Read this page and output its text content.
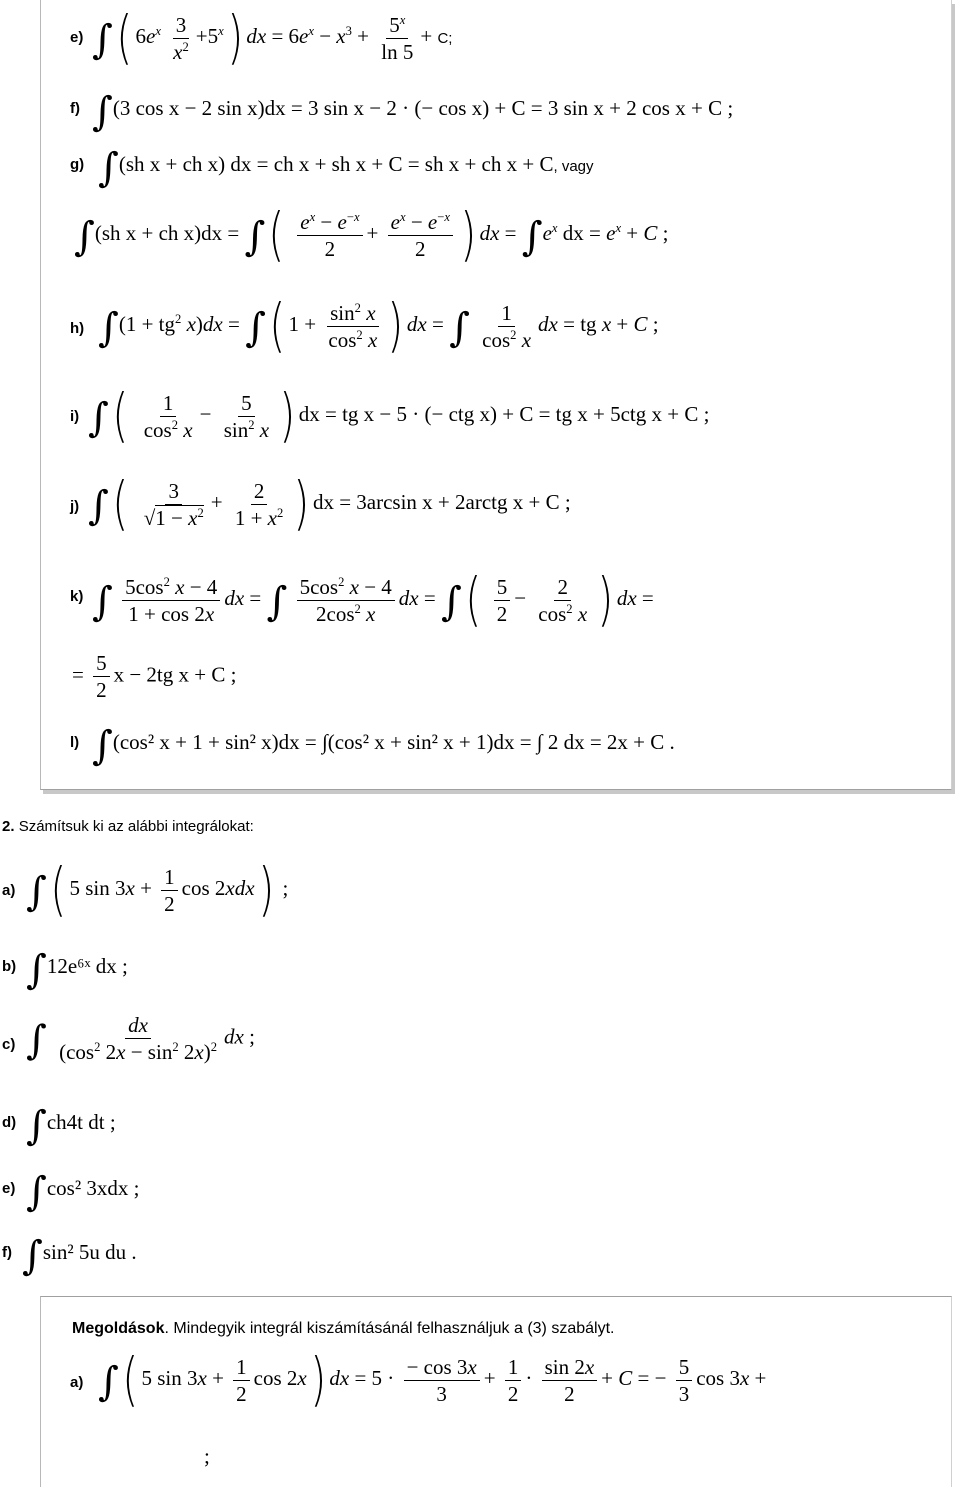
e) ∫( $6e^x \frac{3}{x^2} +5^x$) dx = $6e^x - x^3 + \frac{5^x}{\ln 5} + C$;
f) ∫(3 cos x − 2 sin x)dx = 3 sin x − 2 · (− cos x) + C = 3 sin x + 2 cos x + C ;
g) ∫(sh x + ch x) dx = ch x + sh x + C = sh x + ch x + C, vagy
∫(sh x + ch x)dx = ∫( $\frac{e^x - e^{-x}}{2} + \frac{e^x - e^{-x}}{2}$ ) dx = $\int e^x$ dx = $e^x + C$ ;
h) $\int(1 + tg^2$ x)dx = ∫( $1 + \frac{\sin^2 x}{\cos^2 x}$ ) dx = ∫ $\frac{1}{\cos^2 x}$ dx = tg x + C ;
i) ∫( $\frac{1}{\cos^2 x} - \frac{5}{\sin^2 x}$ ) dx = tg x − 5 · (− ctg x) + C = tg x + 5ctg x + C ;
j) ∫( $\frac{3}{√1 - x^2} + \frac{2}{1 + x^2}$ ) dx = 3arcsin x + 2arctg x + C ;
k) ∫ $\frac{5\cos^2 x - 4}{1 + \cos 2x}$ dx = ∫ $\frac{5\cos^2 x - 4}{2\cos^2 x}$ dx = ∫( $\frac{5}{2} - \frac{2}{\cos^2 x}$ ) dx =
= $\frac{5}{2}$ x − 2tg x + C ;
l) ∫(cos² x + 1 + sin² x)dx = ∫(cos² x + sin² x + 1)dx = ∫ 2 dx = 2x + C .
2. Számítsuk ki az alábbi integrálokat:
a) ∫( 5 $\sin 3x + \frac{1}{2}$ cos 2xdx) ;
b) ∫12e⁶ˣ dx ;
c) ∫ $\frac{dx}{(\cos^2 2x - \sin^2 2x)^2}$ dx ;
d) ∫ch4t dt ;
e) ∫cos² 3xdx ;
f) ∫sin² 5u du .
Megoldások. Mindegyik integrál kiszámításánál felhasználjuk a (3) szabályt.
a) ∫( 5 $\sin 3x + \frac{1}{2}$ cos 2x) dx = $5 \cdot \frac{- \cos 3x}{3} + \frac{1}{2} \cdot \frac{\sin 2x}{2} + C$ = − $\frac{5}{3}$ cos 3x +
;
